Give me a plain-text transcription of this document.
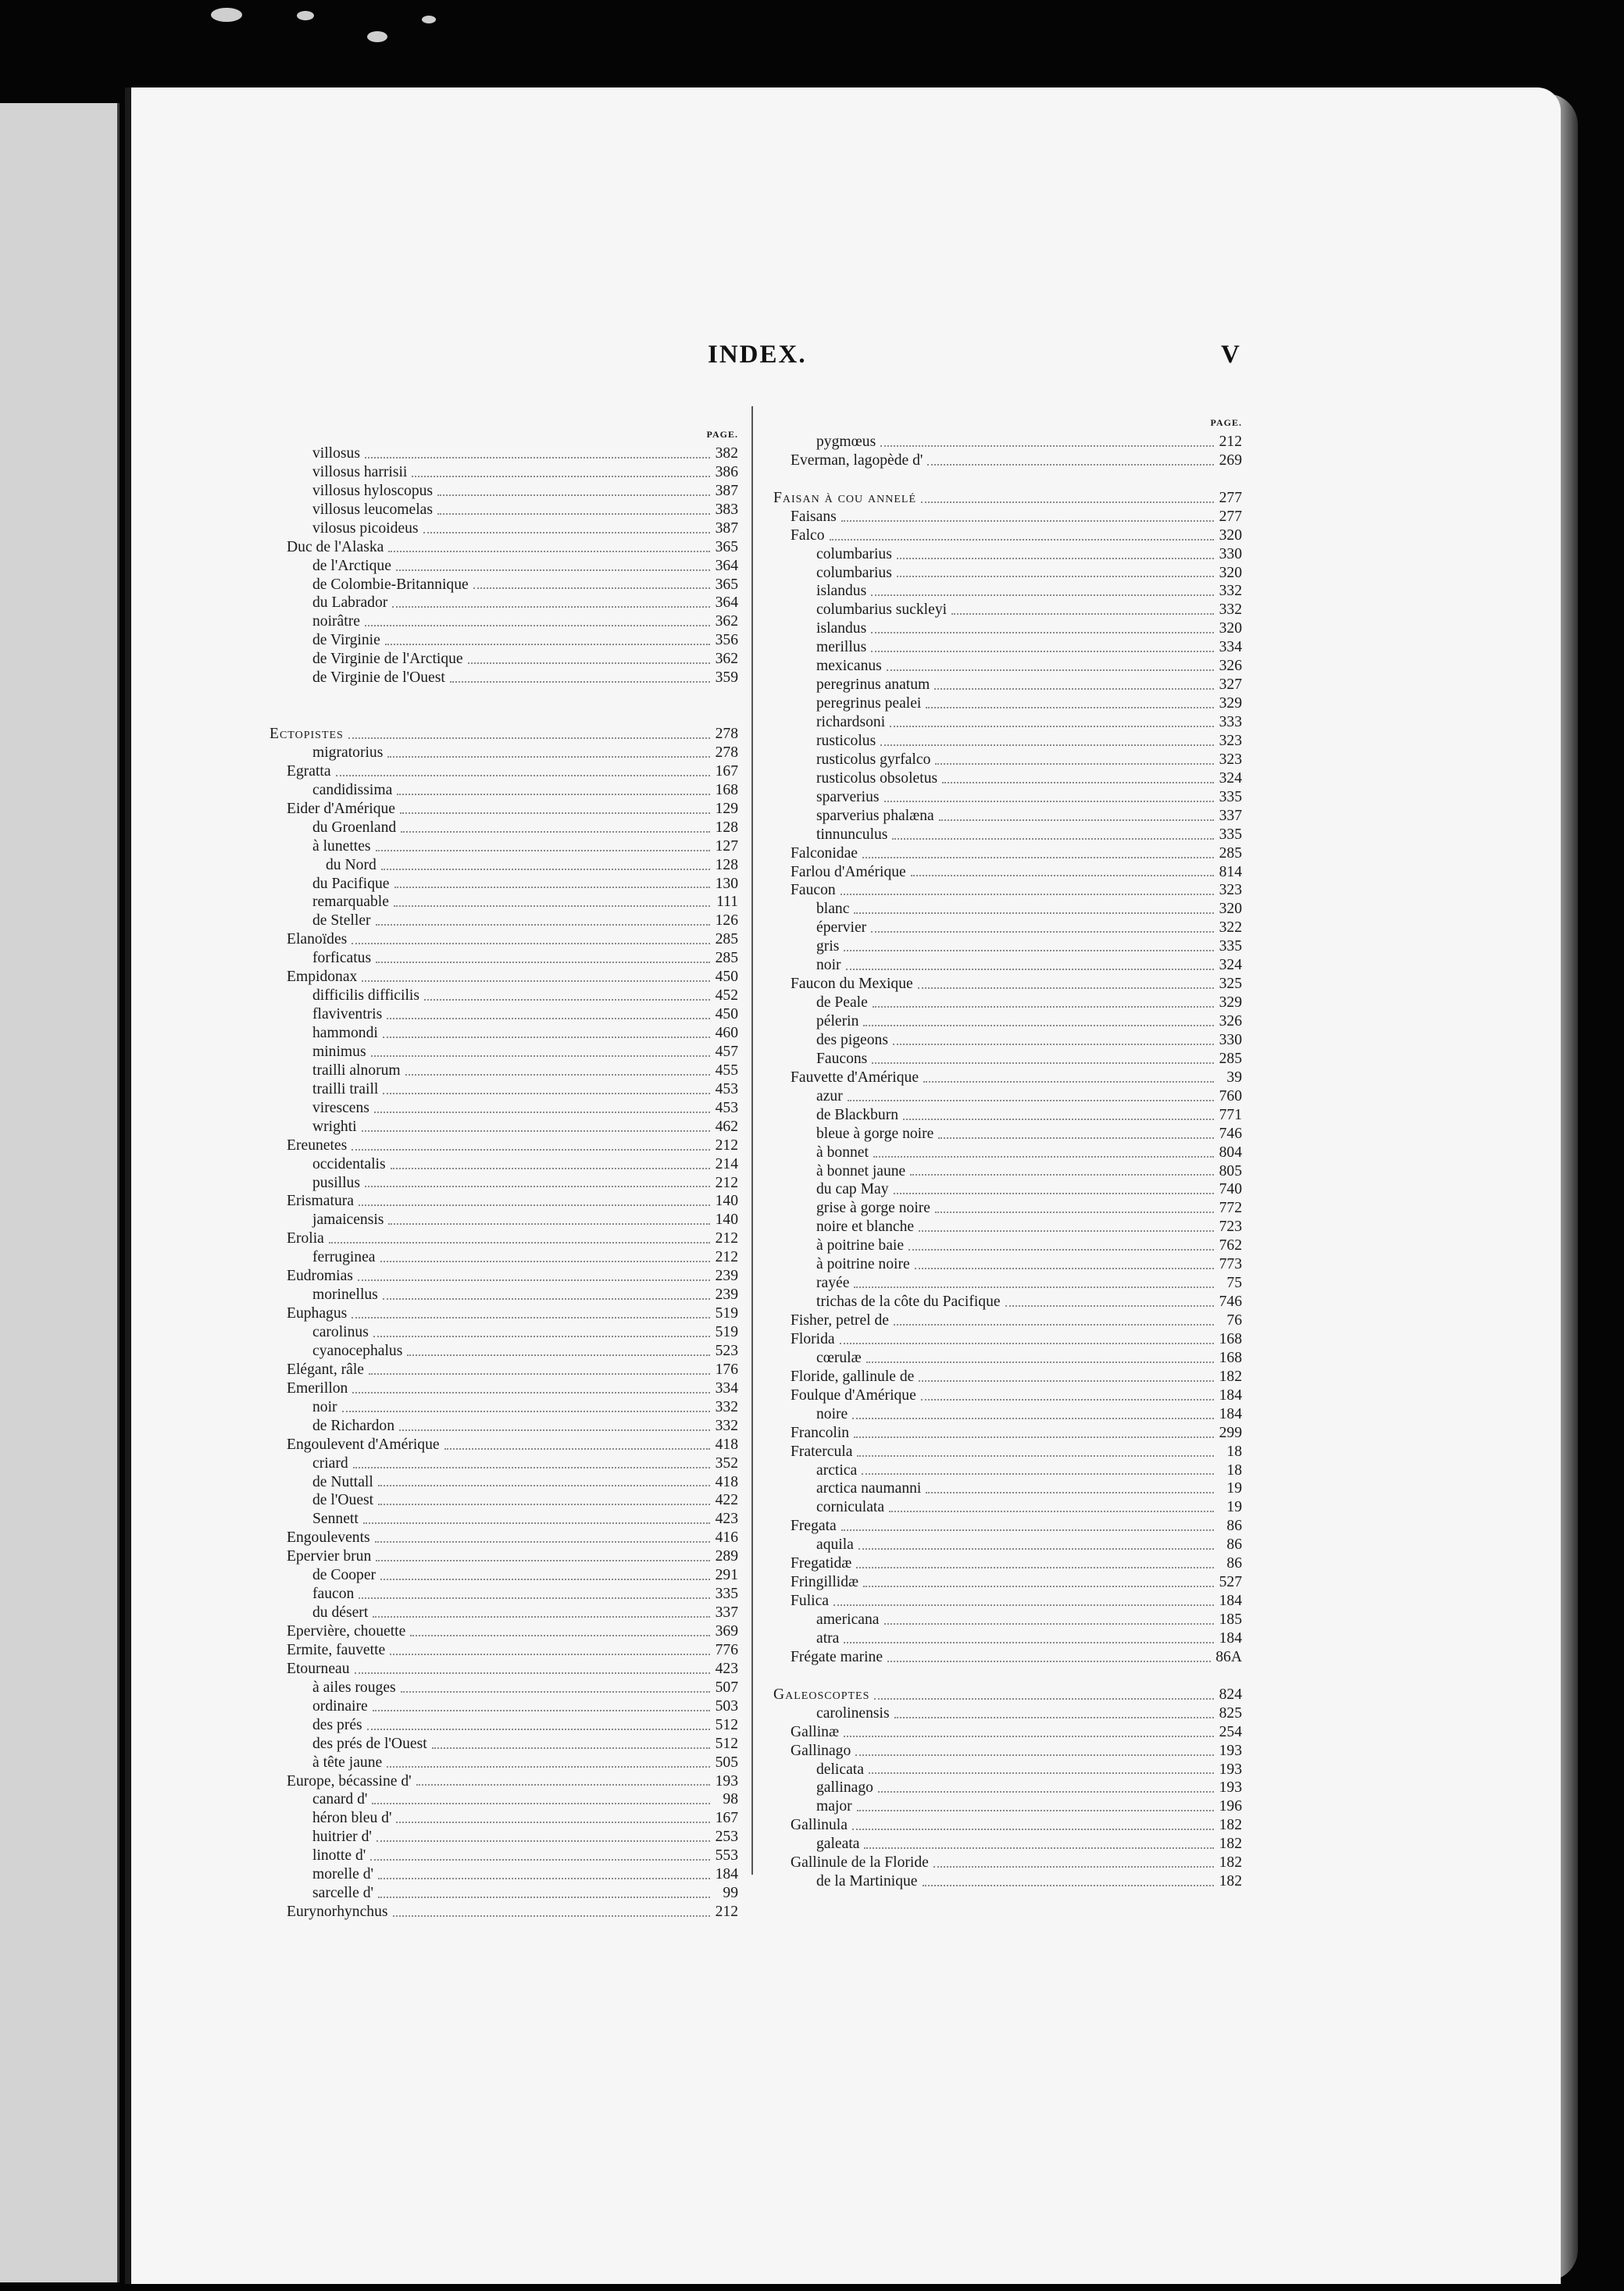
INDEX.	V
PAGE.
villosus	382
villosus harrisii	386
villosus hyloscopus	387
villosus leucomelas	383
vilosus picoideus	387
Duc de l'Alaska	365
de l'Arctique	364
de Colombie-Britannique	365
du Labrador	364
noirâtre	362
de Virginie	356
de Virginie de l'Arctique	362
de Virginie de l'Ouest	359
Ectopistes	278
migratorius	278
Egratta	167
candidissima	168
Eider d'Amérique	129
du Groenland	128
à lunettes	127
du Nord	128
du Pacifique	130
remarquable	111
de Steller	126
Elanoïdes	285
forficatus	285
Empidonax	450
difficilis difficilis	452
flaviventris	450
hammondi	460
minimus	457
trailli alnorum	455
trailli traill	453
virescens	453
wrighti	462
Ereunetes	212
occidentalis	214
pusillus	212
Erismatura	140
jamaicensis	140
Erolia	212
ferruginea	212
Eudromias	239
morinellus	239
Euphagus	519
carolinus	519
cyanocephalus	523
Elégant, râle	176
Emerillon	334
noir	332
de Richardon	332
Engoulevent d'Amérique	418
criard	352
de Nuttall	418
de l'Ouest	422
Sennett	423
Engoulevents	416
Epervier brun	289
de Cooper	291
faucon	335
du désert	337
Epervière, chouette	369
Ermite, fauvette	776
Etourneau	423
à ailes rouges	507
ordinaire	503
des prés	512
des prés de l'Ouest	512
à tête jaune	505
Europe, bécassine d'	193
canard d'	98
héron bleu d'	167
huitrier d'	253
linotte d'	553
morelle d'	184
sarcelle d'	99
Eurynorhynchus	212
PAGE.
pygmœus	212
Everman, lagopède d'	269
Faisan à cou annelé	277
Faisans	277
Falco	320
columbarius	330
columbarius	320
islandus	332
columbarius suckleyi	332
islandus	320
merillus	334
mexicanus	326
peregrinus anatum	327
peregrinus pealei	329
richardsoni	333
rusticolus	323
rusticolus gyrfalco	323
rusticolus obsoletus	324
sparverius	335
sparverius phalæna	337
tinnunculus	335
Falconidae	285
Farlou d'Amérique	814
Faucon	323
blanc	320
épervier	322
gris	335
noir	324
Faucon du Mexique	325
de Peale	329
pélerin	326
des pigeons	330
Faucons	285
Fauvette d'Amérique	39
azur	760
de Blackburn	771
bleue à gorge noire	746
à bonnet	804
à bonnet jaune	805
du cap May	740
grise à gorge noire	772
noire et blanche	723
à poitrine baie	762
à poitrine noire	773
rayée	75
trichas de la côte du Pacifique	746
Fisher, petrel de	76
Florida	168
cœrulæ	168
Floride, gallinule de	182
Foulque d'Amérique	184
noire	184
Francolin	299
Fratercula	18
arctica	18
arctica naumanni	19
corniculata	19
Fregata	86
aquila	86
Fregatidæ	86
Fringillidæ	527
Fulica	184
americana	185
atra	184
Frégate marine	86A
Galeoscoptes	824
carolinensis	825
Gallinæ	254
Gallinago	193
delicata	193
gallinago	193
major	196
Gallinula	182
galeata	182
Gallinule de la Floride	182
de la Martinique	182
